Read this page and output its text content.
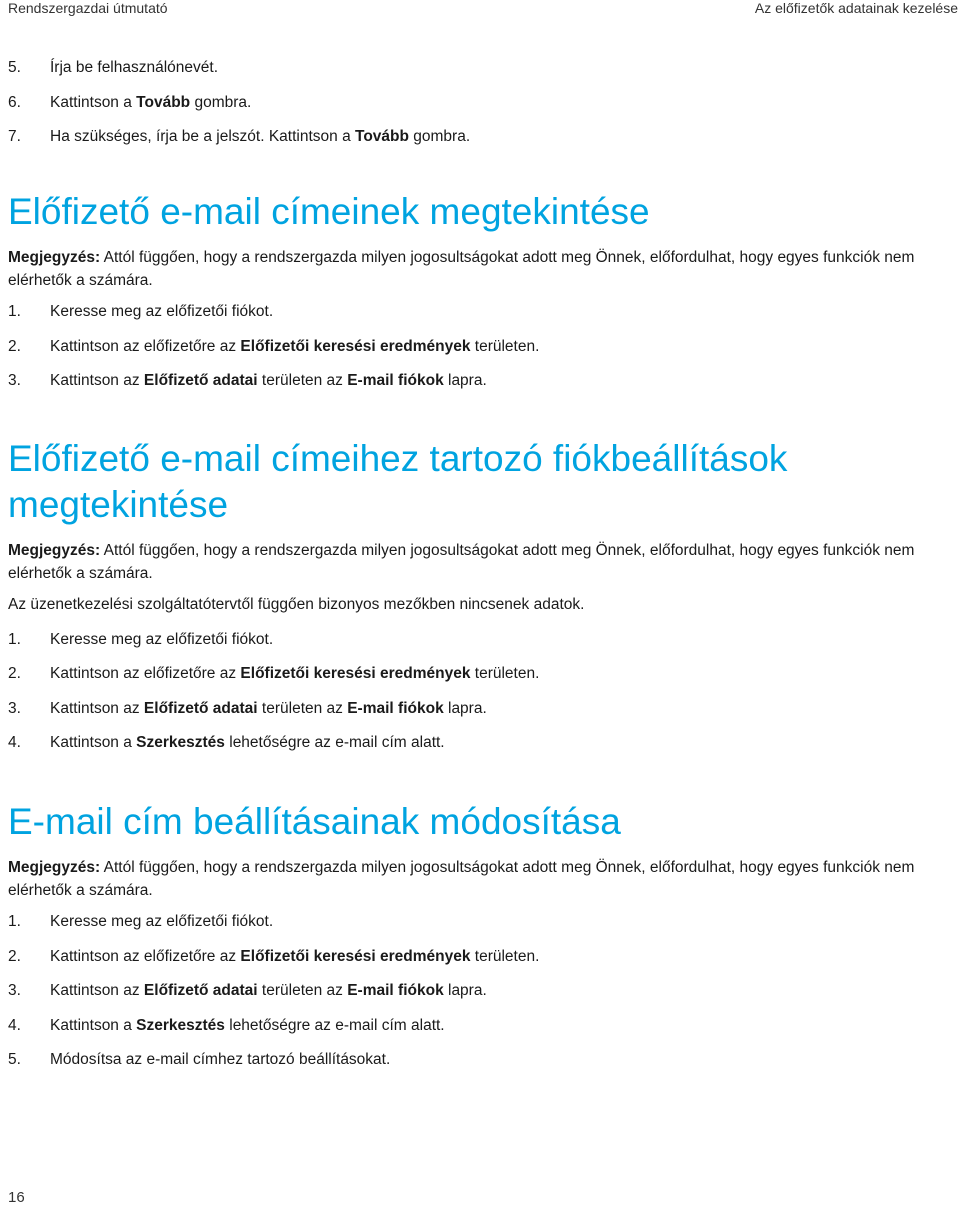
Rendszergazdai útmutató	Az előfizetők adatainak kezelése
5.	Írja be felhasználónevét.
6.	Kattintson a Tovább gombra.
7.	Ha szükséges, írja be a jelszót. Kattintson a Tovább gombra.
Előfizető e-mail címeinek megtekintése

Megjegyzés: Attól függően, hogy a rendszergazda milyen jogosultságokat adott meg Önnek, előfordulhat, hogy egyes funkciók nem elérhetők a számára.

1.	Keresse meg az előfizetői fiókot.
2.	Kattintson az előfizetőre az Előfizetői keresési eredmények területen.
3.	Kattintson az Előfizető adatai területen az E-mail fiókok lapra.
Előfizető e-mail címeihez tartozó fiókbeállítások megtekintése

Megjegyzés: Attól függően, hogy a rendszergazda milyen jogosultságokat adott meg Önnek, előfordulhat, hogy egyes funkciók nem elérhetők a számára.

Az üzenetkezelési szolgáltatótervtől függően bizonyos mezőkben nincsenek adatok.

1.	Keresse meg az előfizetői fiókot.
2.	Kattintson az előfizetőre az Előfizetői keresési eredmények területen.
3.	Kattintson az Előfizető adatai területen az E-mail fiókok lapra.
4.	Kattintson a Szerkesztés lehetőségre az e-mail cím alatt.
E-mail cím beállításainak módosítása

Megjegyzés: Attól függően, hogy a rendszergazda milyen jogosultságokat adott meg Önnek, előfordulhat, hogy egyes funkciók nem elérhetők a számára.

1.	Keresse meg az előfizetői fiókot.
2.	Kattintson az előfizetőre az Előfizetői keresési eredmények területen.
3.	Kattintson az Előfizető adatai területen az E-mail fiókok lapra.
4.	Kattintson a Szerkesztés lehetőségre az e-mail cím alatt.
5.	Módosítsa az e-mail címhez tartozó beállításokat.
16
